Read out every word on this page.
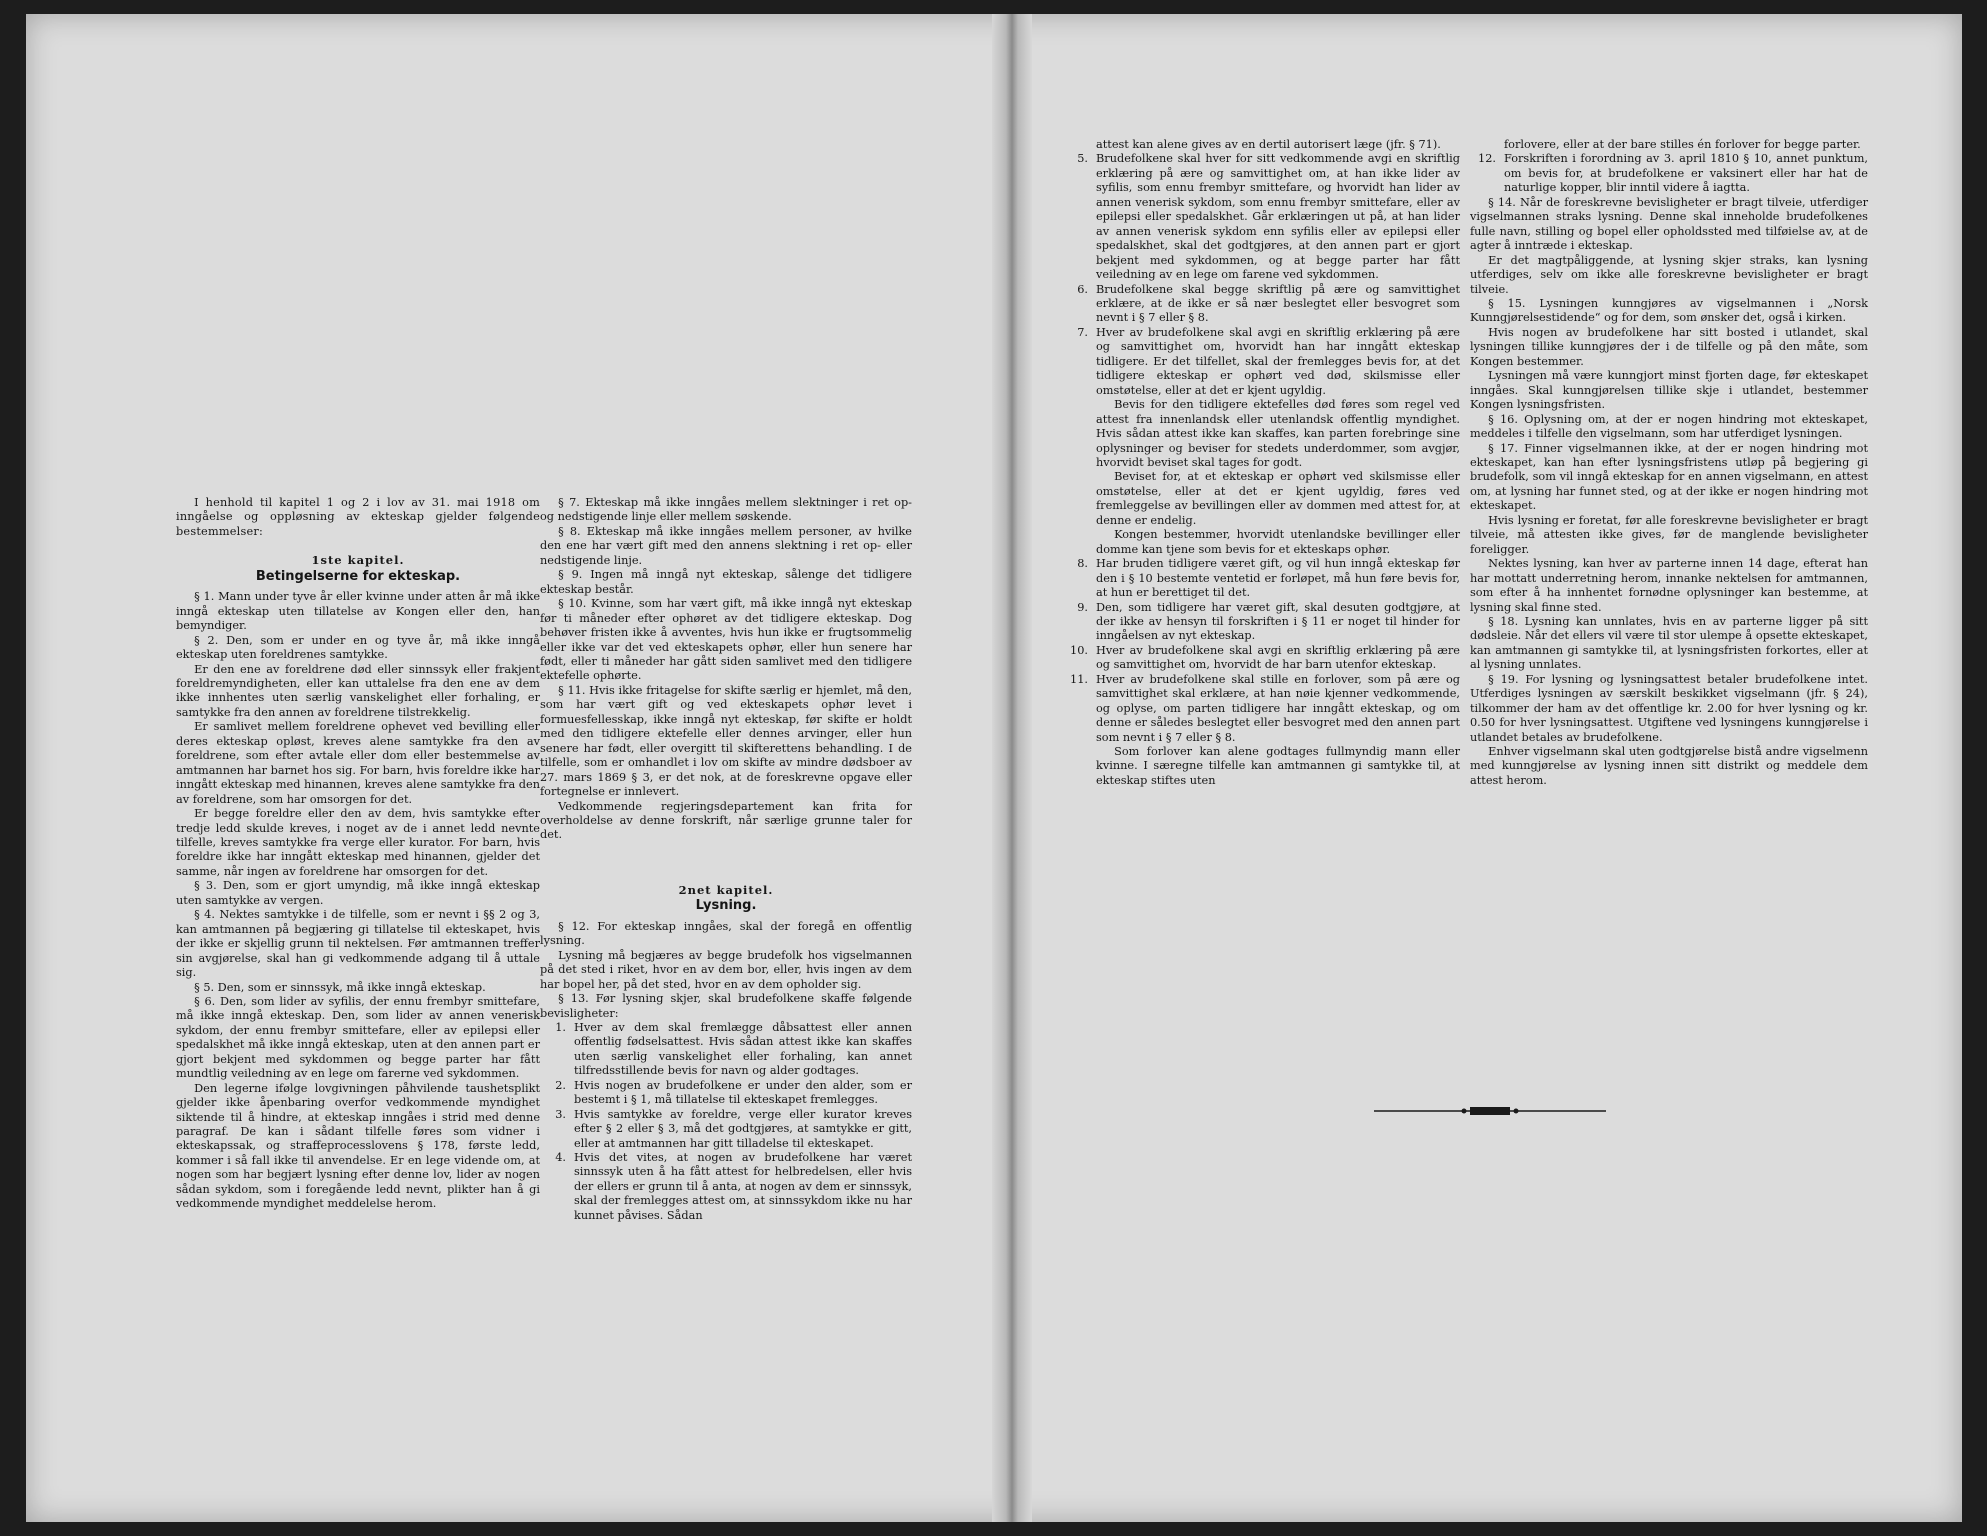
I henhold til kapitel 1 og 2 i lov av 31. mai 1918 om inngåelse og oppløsning av ekteskap gjelder følgende bestemmelser:

1ste kapitel.
Betingelserne for ekteskap.

§ 1. Mann under tyve år eller kvinne under atten år må ikke inngå ekteskap uten tillatelse av Kongen eller den, han bemyndiger.

§ 2. Den, som er under en og tyve år, må ikke inngå ekteskap uten foreldrenes samtykke.

Er den ene av foreldrene død eller sinnssyk eller frakjent foreldremyndigheten, eller kan uttalelse fra den ene av dem ikke innhentes uten særlig vanskelighet eller forhaling, er samtykke fra den annen av foreldrene tilstrekkelig.

Er samlivet mellem foreldrene ophevet ved bevilling eller deres ekteskap opløst, kreves alene samtykke fra den av foreldrene, som efter avtale eller dom eller bestemmelse av amtmannen har barnet hos sig. For barn, hvis foreldre ikke har inngått ekteskap med hinannen, kreves alene samtykke fra den av foreldrene, som har omsorgen for det.

Er begge foreldre eller den av dem, hvis samtykke efter tredje ledd skulde kreves, i noget av de i annet ledd nevnte tilfelle, kreves samtykke fra verge eller kurator. For barn, hvis foreldre ikke har inngått ekteskap med hinannen, gjelder det samme, når ingen av foreldrene har omsorgen for det.

§ 3. Den, som er gjort umyndig, må ikke inngå ekteskap uten samtykke av vergen.

§ 4. Nektes samtykke i de tilfelle, som er nevnt i §§ 2 og 3, kan amtmannen på begjæring gi tillatelse til ekteskapet, hvis der ikke er skjellig grunn til nektelsen. Før amtmannen treffer sin avgjørelse, skal han gi vedkommende adgang til å uttale sig.

§ 5. Den, som er sinnssyk, må ikke inngå ekteskap.

§ 6. Den, som lider av syfilis, der ennu frembyr smittefare, må ikke inngå ekteskap. Den, som lider av annen venerisk sykdom, der ennu frembyr smittefare, eller av epilepsi eller spedalskhet må ikke inngå ekteskap, uten at den annen part er gjort bekjent med sykdommen og begge parter har fått mundtlig veiledning av en lege om farerne ved sykdommen.

Den legerne ifølge lovgivningen påhvilende taushetsplikt gjelder ikke åpenbaring overfor vedkommende myndighet siktende til å hindre, at ekteskap inngåes i strid med denne paragraf. De kan i sådant tilfelle føres som vidner i ekteskapssak, og straffeprocesslovens § 178, første ledd, kommer i så fall ikke til anvendelse. Er en lege vidende om, at nogen som har begjært lysning efter denne lov, lider av nogen sådan sykdom, som i foregående ledd nevnt, plikter han å gi vedkommende myndighet meddelelse herom.

§ 7. Ekteskap må ikke inngåes mellem slektninger i ret op- og nedstigende linje eller mellem søskende.

§ 8. Ekteskap må ikke inngåes mellem personer, av hvilke den ene har vært gift med den annens slektning i ret op- eller nedstigende linje.

§ 9. Ingen må inngå nyt ekteskap, sålenge det tidligere ekteskap består.

§ 10. Kvinne, som har vært gift, må ikke inngå nyt ekteskap før ti måneder efter ophøret av det tidligere ekteskap. Dog behøver fristen ikke å avventes, hvis hun ikke er frugtsommelig eller ikke var det ved ekteskapets ophør, eller hun senere har født, eller ti måneder har gått siden samlivet med den tidligere ektefelle ophørte.

§ 11. Hvis ikke fritagelse for skifte særlig er hjemlet, må den, som har vært gift og ved ekteskapets ophør levet i formuesfellesskap, ikke inngå nyt ekteskap, før skifte er holdt med den tidligere ektefelle eller dennes arvinger, eller hun senere har født, eller overgitt til skifterettens behandling. I de tilfelle, som er omhandlet i lov om skifte av mindre dødsboer av 27. mars 1869 § 3, er det nok, at de foreskrevne opgave eller fortegnelse er innlevert.

Vedkommende regjeringsdepartement kan frita for overholdelse av denne forskrift, når særlige grunne taler for det.

2net kapitel.
Lysning.

§ 12. For ekteskap inngåes, skal der foregå en offentlig lysning.

Lysning må begjæres av begge brudefolk hos vigselmannen på det sted i riket, hvor en av dem bor, eller, hvis ingen av dem har bopel her, på det sted, hvor en av dem opholder sig.

§ 13. Før lysning skjer, skal brudefolkene skaffe følgende bevisligheter:

1. Hver av dem skal fremlægge dåbsattest eller annen offentlig fødselsattest. Hvis sådan attest ikke kan skaffes uten særlig vanskelighet eller forhaling, kan annet tilfredsstillende bevis for navn og alder godtages.
2. Hvis nogen av brudefolkene er under den alder, som er bestemt i § 1, må tillatelse til ekteskapet fremlegges.
3. Hvis samtykke av foreldre, verge eller kurator kreves efter § 2 eller § 3, må det godtgjøres, at samtykke er gitt, eller at amtmannen har gitt tilladelse til ekteskapet.
4. Hvis det vites, at nogen av brudefolkene har været sinnssyk uten å ha fått attest for helbredelsen, eller hvis der ellers er grunn til å anta, at nogen av dem er sinnssyk, skal der fremlegges attest om, at sinnssykdom ikke nu har kunnet påvises. Sådan

attest kan alene gives av en dertil autorisert læge (jfr. § 71).

5. Brudefolkene skal hver for sitt vedkommende avgi en skriftlig erklæring på ære og samvittighet om, at han ikke lider av syfilis, som ennu frembyr smittefare, og hvorvidt han lider av annen venerisk sykdom, som ennu frembyr smittefare, eller av epilepsi eller spedalskhet. Går erklæringen ut på, at han lider av annen venerisk sykdom enn syfilis eller av epilepsi eller spedalskhet, skal det godtgjøres, at den annen part er gjort bekjent med sykdommen, og at begge parter har fått veiledning av en lege om farene ved sykdommen.
6. Brudefolkene skal begge skriftlig på ære og samvittighet erklære, at de ikke er så nær beslegtet eller besvogret som nevnt i § 7 eller § 8.
7. Hver av brudefolkene skal avgi en skriftlig erklæring på ære og samvittighet om, hvorvidt han har inngått ekteskap tidligere. Er det tilfellet, skal der fremlegges bevis for, at det tidligere ekteskap er ophørt ved død, skilsmisse eller omstøtelse, eller at det er kjent ugyldig.
Bevis for den tidligere ektefelles død føres som regel ved attest fra innenlandsk eller utenlandsk offentlig myndighet. Hvis sådan attest ikke kan skaffes, kan parten forebringe sine oplysninger og beviser for stedets underdommer, som avgjør, hvorvidt beviset skal tages for godt.
Beviset for, at et ekteskap er ophørt ved skilsmisse eller omstøtelse, eller at det er kjent ugyldig, føres ved fremleggelse av bevillingen eller av dommen med attest for, at denne er endelig.
Kongen bestemmer, hvorvidt utenlandske bevillinger eller domme kan tjene som bevis for et ekteskaps ophør.
8. Har bruden tidligere været gift, og vil hun inngå ekteskap før den i § 10 bestemte ventetid er forløpet, må hun føre bevis for, at hun er berettiget til det.
9. Den, som tidligere har været gift, skal desuten godtgjøre, at der ikke av hensyn til forskriften i § 11 er noget til hinder for inngåelsen av nyt ekteskap.
10. Hver av brudefolkene skal avgi en skriftlig erklæring på ære og samvittighet om, hvorvidt de har barn utenfor ekteskap.
11. Hver av brudefolkene skal stille en forlover, som på ære og samvittighet skal erklære, at han nøie kjenner vedkommende, og oplyse, om parten tidligere har inngått ekteskap, og om denne er således beslegtet eller besvogret med den annen part som nevnt i § 7 eller § 8.
Som forlover kan alene godtages fullmyndig mann eller kvinne. I særegne tilfelle kan amtmannen gi samtykke til, at ekteskap stiftes uten

forlovere, eller at der bare stilles én forlover for begge parter.

12. Forskriften i forordning av 3. april 1810 § 10, annet punktum, om bevis for, at brudefolkene er vaksinert eller har hat de naturlige kopper, blir inntil videre å iagtta.

§ 14. Når de foreskrevne bevisligheter er bragt tilveie, utferdiger vigselmannen straks lysning. Denne skal inneholde brudefolkenes fulle navn, stilling og bopel eller opholdssted med tilføielse av, at de agter å inntræde i ekteskap.

Er det magtpåliggende, at lysning skjer straks, kan lysning utferdiges, selv om ikke alle foreskrevne bevisligheter er bragt tilveie.

§ 15. Lysningen kunngjøres av vigselmannen i „Norsk Kunngjørelsestidende“ og for dem, som ønsker det, også i kirken.

Hvis nogen av brudefolkene har sitt bosted i utlandet, skal lysningen tillike kunngjøres der i de tilfelle og på den måte, som Kongen bestemmer.

Lysningen må være kunngjort minst fjorten dage, før ekteskapet inngåes. Skal kunngjørelsen tillike skje i utlandet, bestemmer Kongen lysningsfristen.

§ 16. Oplysning om, at der er nogen hindring mot ekteskapet, meddeles i tilfelle den vigselmann, som har utferdiget lysningen.

§ 17. Finner vigselmannen ikke, at der er nogen hindring mot ekteskapet, kan han efter lysningsfristens utløp på begjering gi brudefolk, som vil inngå ekteskap for en annen vigselmann, en attest om, at lysning har funnet sted, og at der ikke er nogen hindring mot ekteskapet.

Hvis lysning er foretat, før alle foreskrevne bevisligheter er bragt tilveie, må attesten ikke gives, før de manglende bevisligheter foreligger.

Nektes lysning, kan hver av parterne innen 14 dage, efterat han har mottatt underretning herom, innanke nektelsen for amtmannen, som efter å ha innhentet fornødne oplysninger kan bestemme, at lysning skal finne sted.

§ 18. Lysning kan unnlates, hvis en av parterne ligger på sitt dødsleie. Når det ellers vil være til stor ulempe å opsette ekteskapet, kan amtmannen gi samtykke til, at lysningsfristen forkortes, eller at al lysning unnlates.

§ 19. For lysning og lysningsattest betaler brudefolkene intet. Utferdiges lysningen av særskilt beskikket vigselmann (jfr. § 24), tilkommer der ham av det offentlige kr. 2.00 for hver lysning og kr. 0.50 for hver lysningsattest. Utgiftene ved lysningens kunngjørelse i utlandet betales av brudefolkene.

Enhver vigselmann skal uten godtgjørelse bistå andre vigselmenn med kunngjørelse av lysning innen sitt distrikt og meddele dem attest herom.
